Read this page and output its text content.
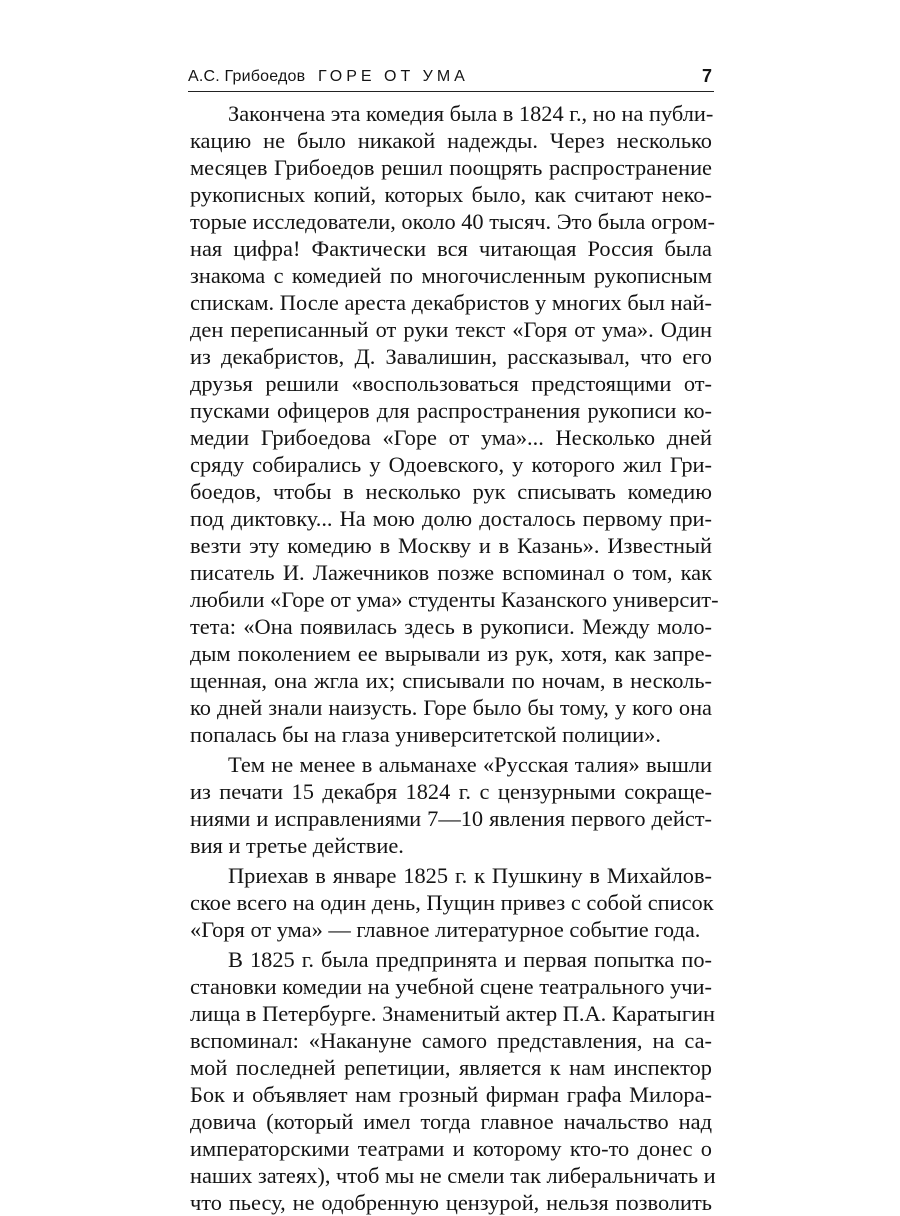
А.С. Грибоедов ГОРЕ ОТ УМА	7
Закончена эта комедия была в 1824 г., но на публи-
кацию не было никакой надежды. Через несколько
месяцев Грибоедов решил поощрять распространение
рукописных копий, которых было, как считают неко-
торые исследователи, около 40 тысяч. Это была огром-
ная цифра! Фактически вся читающая Россия была
знакома с комедией по многочисленным рукописным
спискам. После ареста декабристов у многих был най-
ден переписанный от руки текст «Горя от ума». Один
из декабристов, Д. Завалишин, рассказывал, что его
друзья решили «воспользоваться предстоящими от-
пусками офицеров для распространения рукописи ко-
медии Грибоедова «Горе от ума»... Несколько дней
сряду собирались у Одоевского, у которого жил Гри-
боедов, чтобы в несколько рук списывать комедию
под диктовку... На мою долю досталось первому при-
везти эту комедию в Москву и в Казань». Известный
писатель И. Лажечников позже вспоминал о том, как
любили «Горе от ума» студенты Казанского университ-
тета: «Она появилась здесь в рукописи. Между моло-
дым поколением ее вырывали из рук, хотя, как запре-
щенная, она жгла их; списывали по ночам, в несколь-
ко дней знали наизусть. Горе было бы тому, у кого она
попалась бы на глаза университетской полиции».
Тем не менее в альманахе «Русская талия» вышли
из печати 15 декабря 1824 г. с цензурными сокраще-
ниями и исправлениями 7—10 явления первого дейст-
вия и третье действие.
Приехав в январе 1825 г. к Пушкину в Михайлов-
ское всего на один день, Пущин привез с собой список
«Горя от ума» — главное литературное событие года.
В 1825 г. была предпринята и первая попытка по-
становки комедии на учебной сцене театрального учи-
лища в Петербурге. Знаменитый актер П.А. Каратыгин
вспоминал: «Накануне самого представления, на са-
мой последней репетиции, является к нам инспектор
Бок и объявляет нам грозный фирман графа Милора-
довича (который имел тогда главное начальство над
императорскими театрами и которому кто-то донес о
наших затеях), чтоб мы не смели так либеральничать и
что пьесу, не одобренную цензурой, нельзя позволить
